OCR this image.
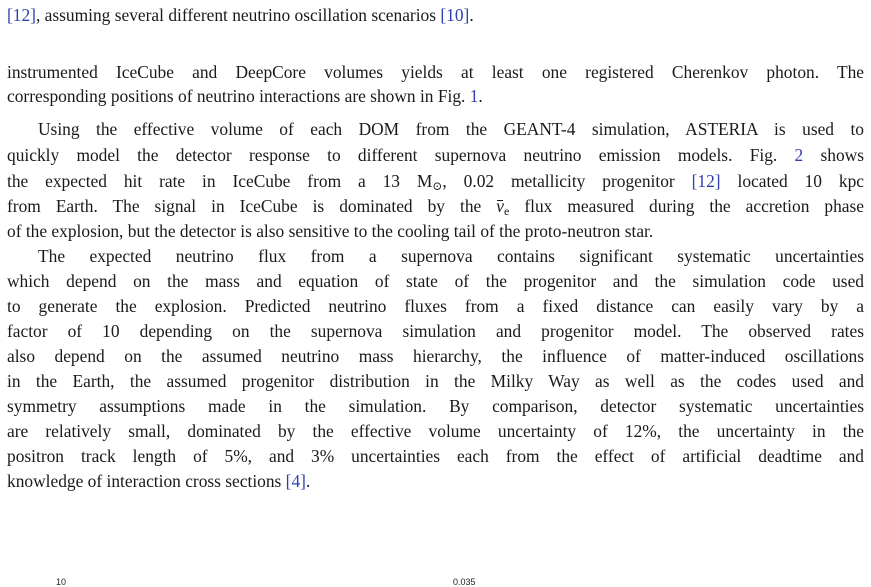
[12], assuming several different neutrino oscillation scenarios [10].
instrumented IceCube and DeepCore volumes yields at least one registered Cherenkov photon. The
corresponding positions of neutrino interactions are shown in Fig. 1.
Using the effective volume of each DOM from the GEANT-4 simulation, ASTERIA is used to
quickly model the detector response to different supernova neutrino emission models. Fig. 2 shows
the expected hit rate in IceCube from a 13 $M_⊙$, 0.02 metallicity progenitor [12] located 10 kpc
from Earth. The signal in IceCube is dominated by the $\nu_e$ flux measured during the accretion phase
of the explosion, but the detector is also sensitive to the cooling tail of the proto-neutron star.
The expected neutrino flux from a supernova contains significant systematic uncertainties
which depend on the mass and equation of state of the progenitor and the simulation code used
to generate the explosion. Predicted neutrino fluxes from a fixed distance can easily vary by a
factor of 10 depending on the supernova simulation and progenitor model. The observed rates
also depend on the assumed neutrino mass hierarchy, the influence of matter-induced oscillations
in the Earth, the assumed progenitor distribution in the Milky Way as well as the codes used and
symmetry assumptions made in the simulation. By comparison, detector systematic uncertainties
are relatively small, dominated by the effective volume uncertainty of 12%, the uncertainty in the
positron track length of 5%, and 3% uncertainties each from the effect of artificial deadtime and
knowledge of interaction cross sections [4].
10	0.035
